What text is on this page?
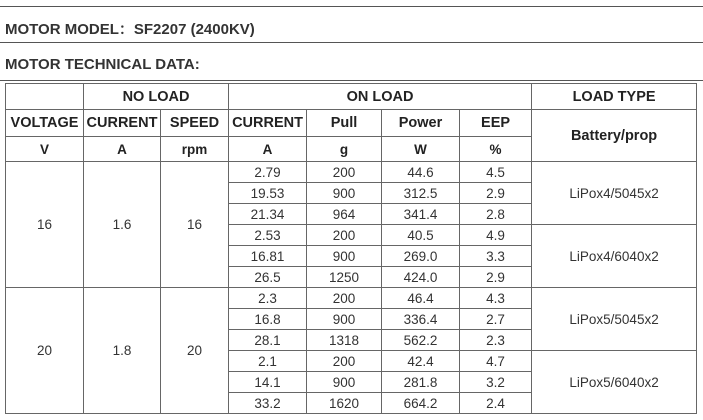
MOTOR MODEL：SF2207 (2400KV)
MOTOR TECHNICAL DATA:
	NO LOAD		ON LOAD				LOAD TYPE
VOLTAGE	CURRENT	SPEED	CURRENT	Pull	Power	EEP	Battery/prop
V	A	rpm	A	g	W	%	
16	1.6	16	2.79	200	44.6	4.5	LiPox4/5045x2
			19.53	900	312.5	2.9	
			21.34	964	341.4	2.8	
			2.53	200	40.5	4.9	LiPox4/6040x2
			16.81	900	269.0	3.3	
			26.5	1250	424.0	2.9	
20	1.8	20	2.3	200	46.4	4.3	LiPox5/5045x2
			16.8	900	336.4	2.7	
			28.1	1318	562.2	2.3	
			2.1	200	42.4	4.7	LiPox5/6040x2
			14.1	900	281.8	3.2	
			33.2	1620	664.2	2.4	
